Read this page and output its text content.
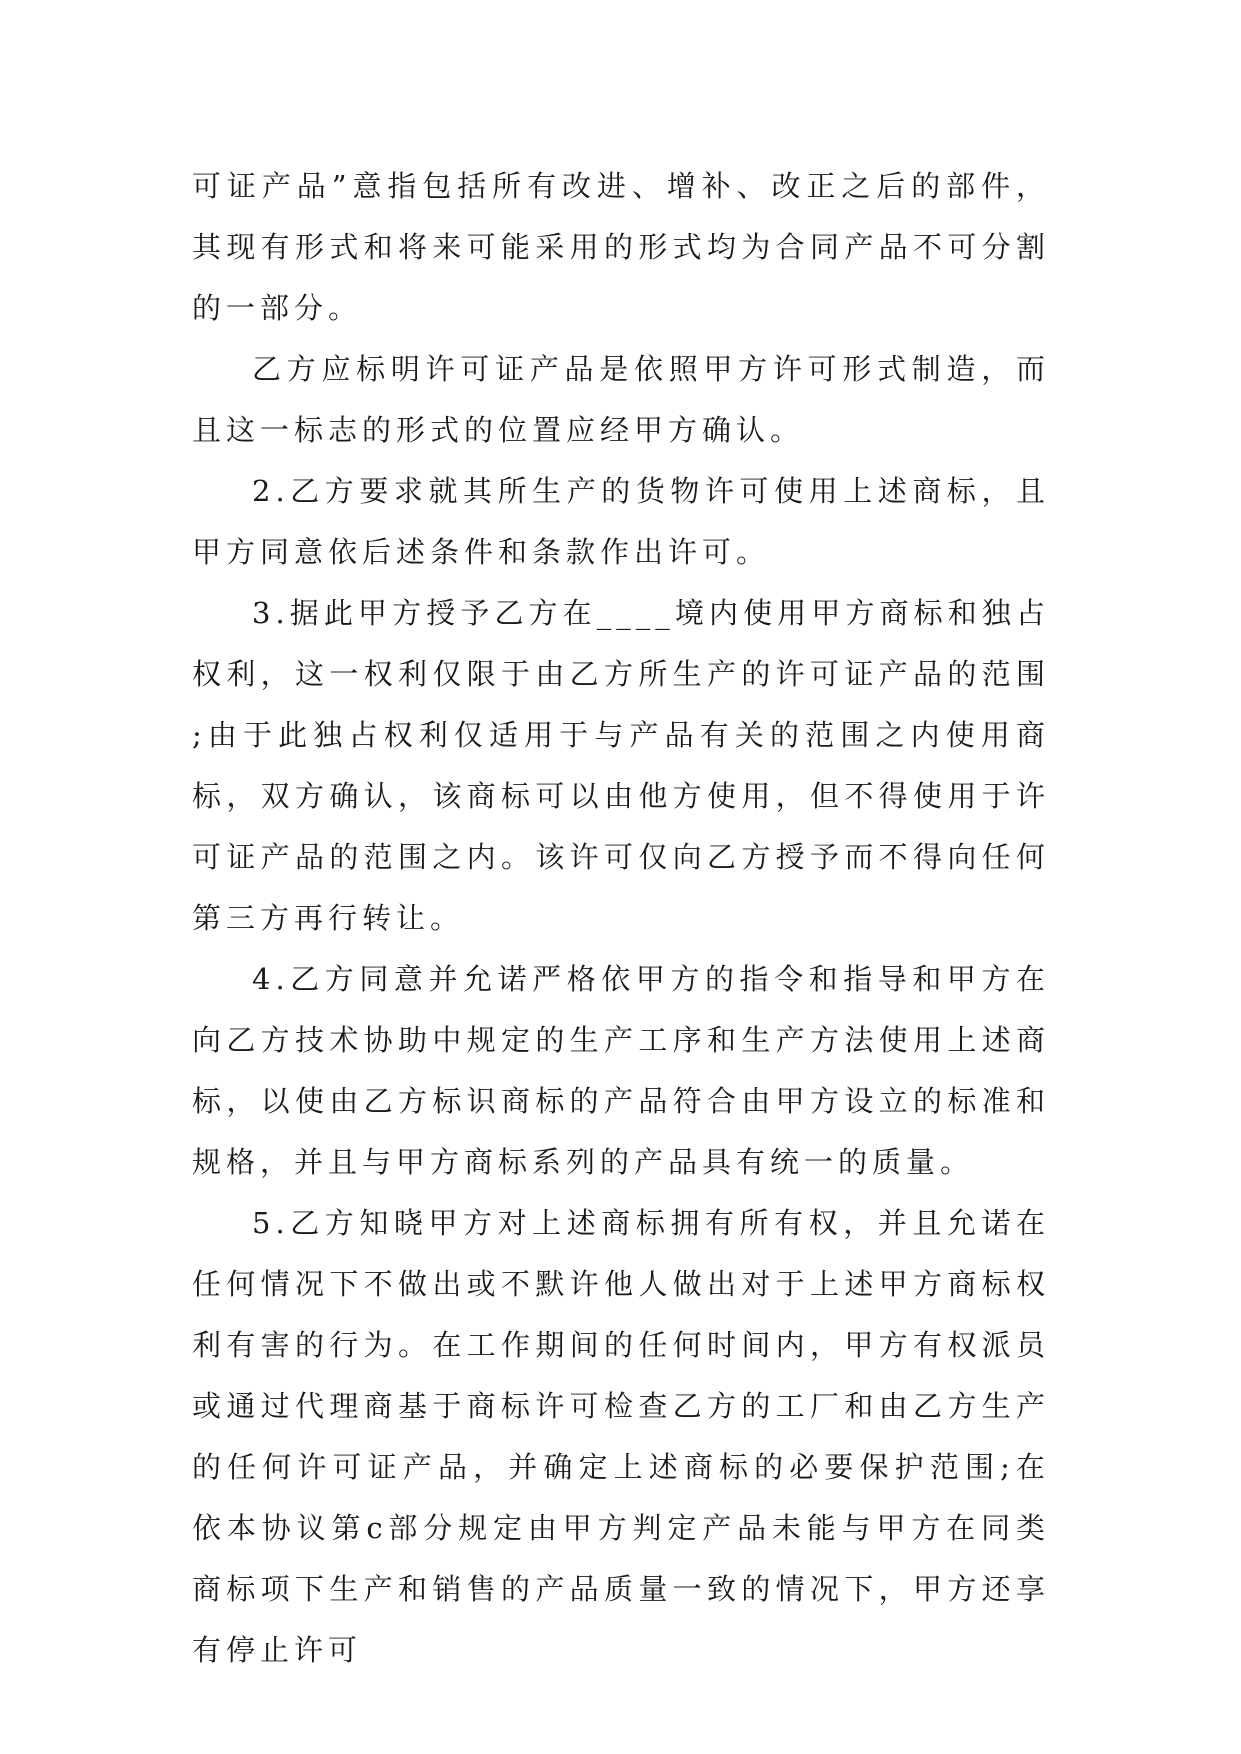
可证产品”意指包括所有改进、增补、改正之后的部件，其现有形式和将来可能采用的形式均为合同产品不可分割的一部分。

乙方应标明许可证产品是依照甲方许可形式制造，而且这一标志的形式的位置应经甲方确认。

2.乙方要求就其所生产的货物许可使用上述商标，且甲方同意依后述条件和条款作出许可。

3.据此甲方授予乙方在____境内使用甲方商标和独占权利，这一权利仅限于由乙方所生产的许可证产品的范围;由于此独占权利仅适用于与产品有关的范围之内使用商标，双方确认，该商标可以由他方使用，但不得使用于许可证产品的范围之内。该许可仅向乙方授予而不得向任何第三方再行转让。

4.乙方同意并允诺严格依甲方的指令和指导和甲方在向乙方技术协助中规定的生产工序和生产方法使用上述商标，以使由乙方标识商标的产品符合由甲方设立的标准和规格，并且与甲方商标系列的产品具有统一的质量。

5.乙方知晓甲方对上述商标拥有所有权，并且允诺在任何情况下不做出或不默许他人做出对于上述甲方商标权利有害的行为。在工作期间的任何时间内，甲方有权派员或通过代理商基于商标许可检查乙方的工厂和由乙方生产的任何许可证产品，并确定上述商标的必要保护范围;在依本协议第c部分规定由甲方判定产品未能与甲方在同类商标项下生产和销售的产品质量一致的情况下，甲方还享有停止许可
